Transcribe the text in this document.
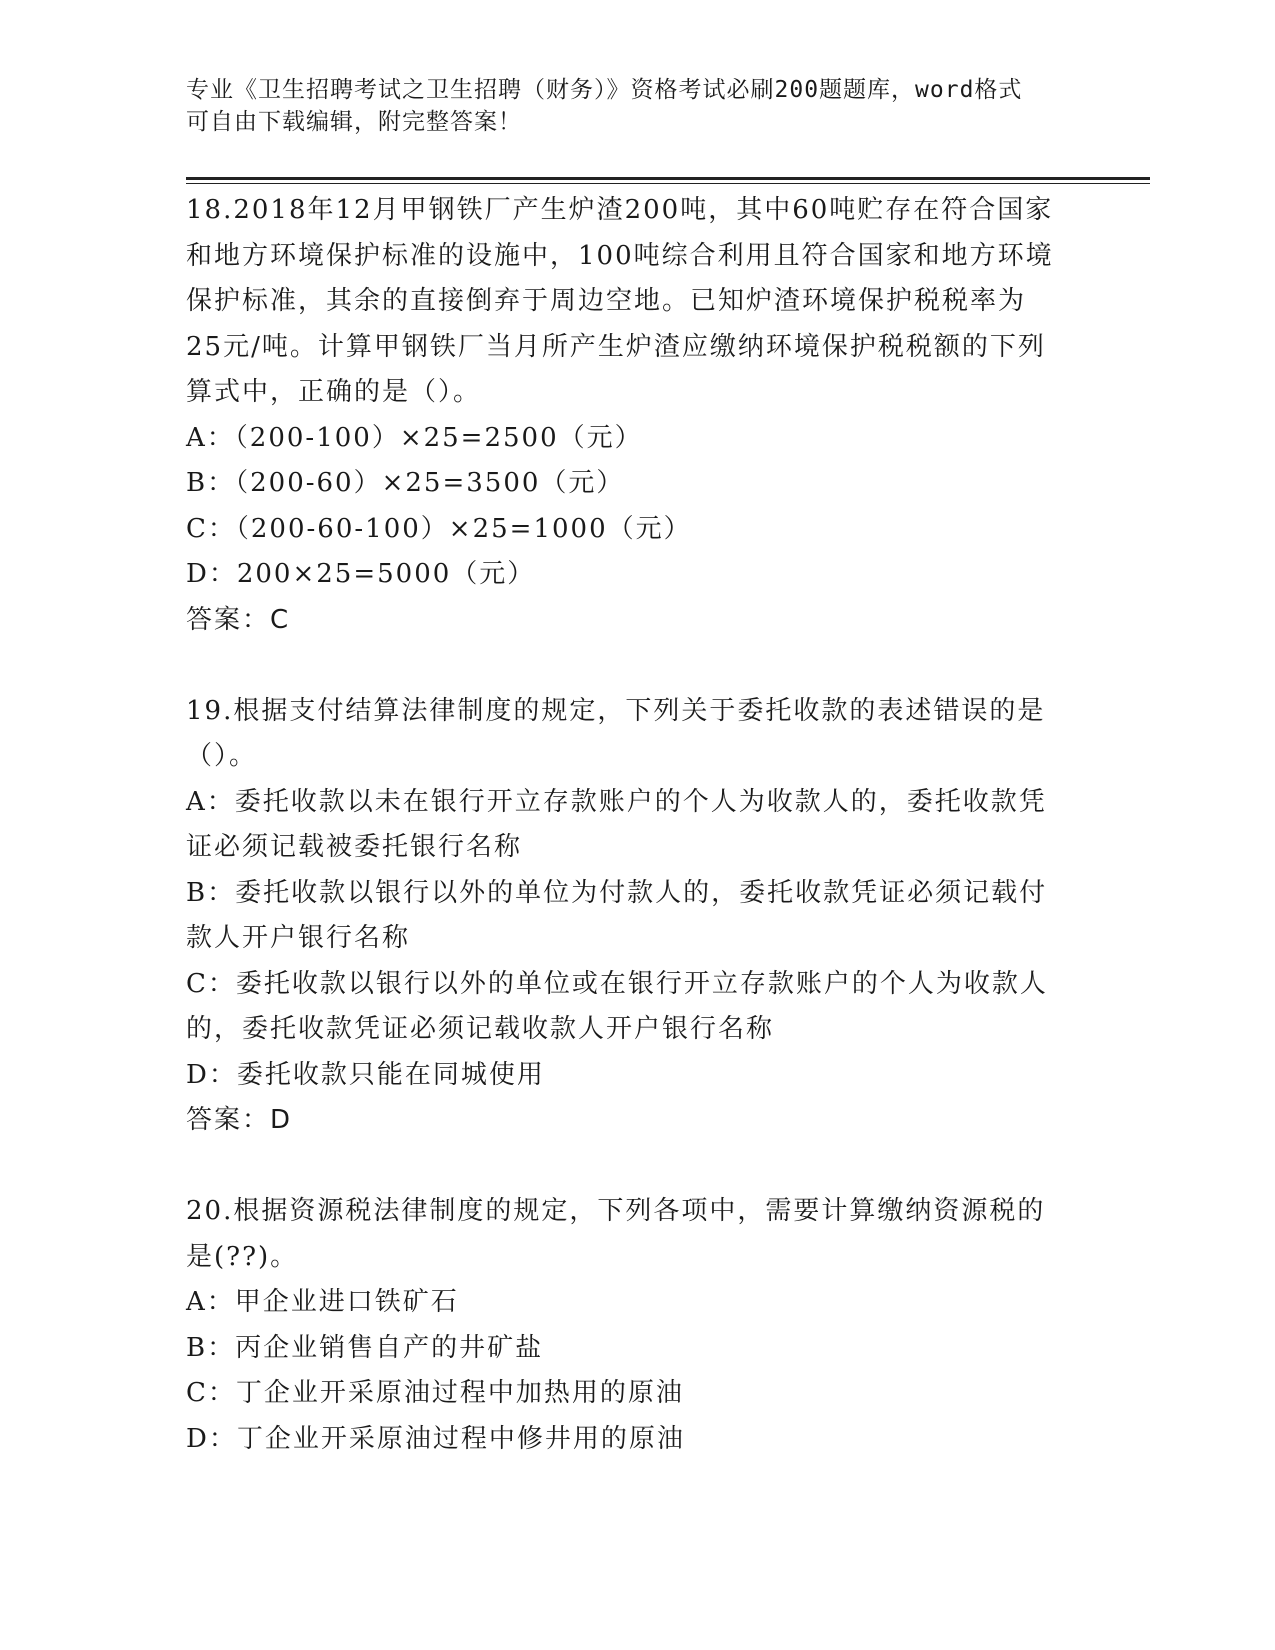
专业《卫生招聘考试之卫生招聘（财务）》资格考试必刷200题题库，word格式
可自由下载编辑，附完整答案！
18.2018年12月甲钢铁厂产生炉渣200吨，其中60吨贮存在符合国家
和地方环境保护标准的设施中，100吨综合利用且符合国家和地方环境
保护标准，其余的直接倒弃于周边空地。已知炉渣环境保护税税率为
25元/吨。计算甲钢铁厂当月所产生炉渣应缴纳环境保护税税额的下列
算式中，正确的是（）。
A：（200-100）×25=2500（元）
B：（200-60）×25=3500（元）
C：（200-60-100）×25=1000（元）
D：200×25=5000（元）
答案：C
19.根据支付结算法律制度的规定，下列关于委托收款的表述错误的是
（）。
A：委托收款以未在银行开立存款账户的个人为收款人的，委托收款凭
证必须记载被委托银行名称
B：委托收款以银行以外的单位为付款人的，委托收款凭证必须记载付
款人开户银行名称
C：委托收款以银行以外的单位或在银行开立存款账户的个人为收款人
的，委托收款凭证必须记载收款人开户银行名称
D：委托收款只能在同城使用
答案：D
20.根据资源税法律制度的规定，下列各项中，需要计算缴纳资源税的
是(??)。
A：甲企业进口铁矿石
B：丙企业销售自产的井矿盐
C：丁企业开采原油过程中加热用的原油
D：丁企业开采原油过程中修井用的原油
